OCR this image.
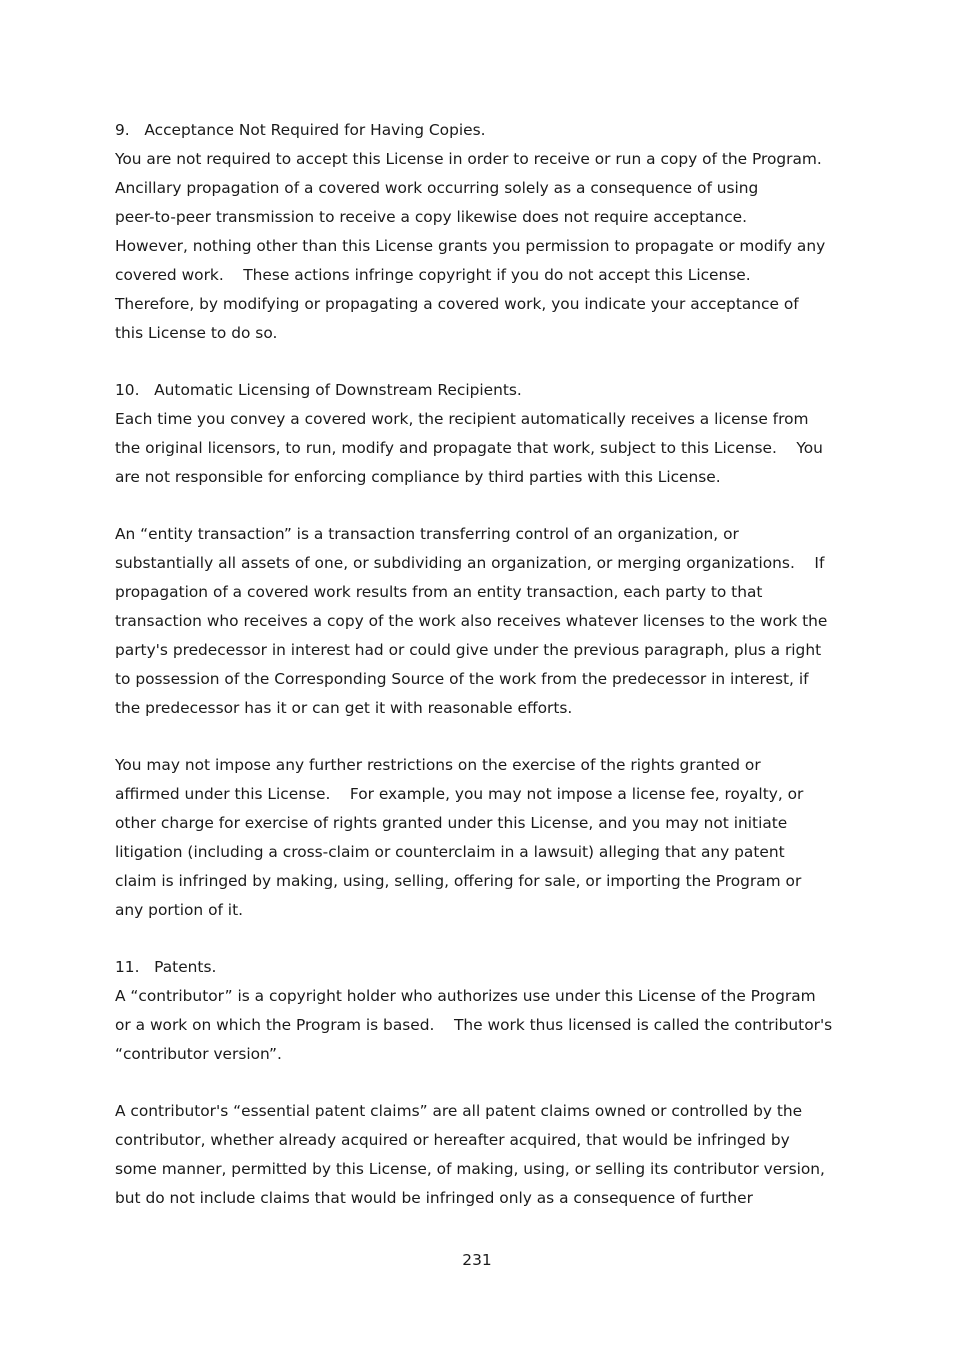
9.   Acceptance Not Required for Having Copies.

You are not required to accept this License in order to receive or run a copy of the Program.

Ancillary propagation of a covered work occurring solely as a consequence of using

peer-to-peer transmission to receive a copy likewise does not require acceptance.

However, nothing other than this License grants you permission to propagate or modify any

covered work.    These actions infringe copyright if you do not accept this License.

Therefore, by modifying or propagating a covered work, you indicate your acceptance of

this License to do so.

10.   Automatic Licensing of Downstream Recipients.

Each time you convey a covered work, the recipient automatically receives a license from

the original licensors, to run, modify and propagate that work, subject to this License.    You

are not responsible for enforcing compliance by third parties with this License.

An “entity transaction” is a transaction transferring control of an organization, or

substantially all assets of one, or subdividing an organization, or merging organizations.    If

propagation of a covered work results from an entity transaction, each party to that

transaction who receives a copy of the work also receives whatever licenses to the work the

party's predecessor in interest had or could give under the previous paragraph, plus a right

to possession of the Corresponding Source of the work from the predecessor in interest, if

the predecessor has it or can get it with reasonable efforts.

You may not impose any further restrictions on the exercise of the rights granted or

affirmed under this License.    For example, you may not impose a license fee, royalty, or

other charge for exercise of rights granted under this License, and you may not initiate

litigation (including a cross-claim or counterclaim in a lawsuit) alleging that any patent

claim is infringed by making, using, selling, offering for sale, or importing the Program or

any portion of it.

11.   Patents.

A “contributor” is a copyright holder who authorizes use under this License of the Program

or a work on which the Program is based.    The work thus licensed is called the contributor's

“contributor version”.

A contributor's “essential patent claims” are all patent claims owned or controlled by the

contributor, whether already acquired or hereafter acquired, that would be infringed by

some manner, permitted by this License, of making, using, or selling its contributor version,

but do not include claims that would be infringed only as a consequence of further

231
